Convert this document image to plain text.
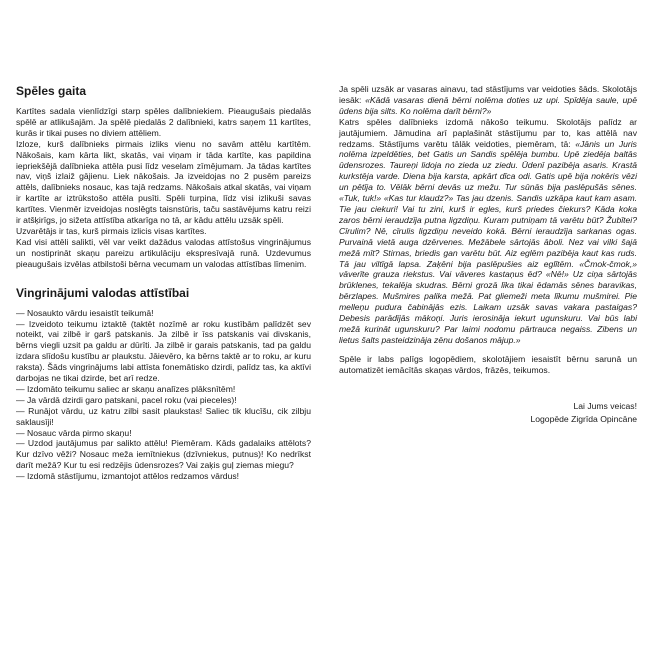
Spēles gaita

Kartītes sadala vienlīdzīgi starp spēles dalībniekiem. Pieaugušais piedalās spēlē ar atlikušajām. Ja spēlē piedalās 2 dalībnieki, katrs saņem 11 kartītes, kurās ir tikai puses no diviem attēliem.

Izloze, kurš dalībnieks pirmais izliks vienu no savām attēlu kartītēm. Nākošais, kam kārta likt, skatās, vai viņam ir tāda kartīte, kas papildina iepriekšējā dalībnieka attēla pusi līdz veselam zīmējumam. Ja tādas kartītes nav, viņš izlaiž gājienu. Liek nākošais. Ja izveidojas no 2 pusēm pareizs attēls, dalībnieks nosauc, kas tajā redzams. Nākošais atkal skatās, vai viņam ir kartīte ar iztrūkstošo attēla pusīti. Spēli turpina, līdz visi izlikuši savas kartītes. Vienmēr izveidojas noslēgts taisnstūris, taču sastāvējums katru reizi ir atšķirīgs, jo sižeta attīstība atkarīga no tā, ar kādu attēlu uzsāk spēli.

Uzvarētājs ir tas, kurš pirmais izlicis visas kartītes.

Kad visi attēli salikti, vēl var veikt dažādus valodas attīstošus vingrinājumus un nostiprināt skaņu pareizu artikulāciju ekspresīvajā runā. Uzdevumus pieaugušais izvēlas atbilstoši bērna vecumam un valodas attīstības līmenim.

Vingrinājumi valodas attīstībai

— Nosaukto vārdu iesaistīt teikumā!

— Izveidoto teikumu iztaktē (taktēt nozīmē ar roku kustībām palīdzēt sev noteikt, vai zilbē ir garš patskanis. Ja zilbē ir īss patskanis vai divskanis, bērns viegli uzsit pa galdu ar dūrīti. Ja zilbē ir garais patskanis, tad pa galdu izdara slīdošu kustību ar plaukstu. Jāievēro, ka bērns taktē ar to roku, ar kuru raksta). Šāds vingrinājums labi attīsta fonemātisko dzirdi, palīdz tas, ka aktīvi darbojas ne tikai dzirde, bet arī redze.

— Izdomāto teikumu saliec ar skaņu analīzes plāksnītēm!

— Ja vārdā dzirdi garo patskani, pacel roku (vai pieceles)!

— Runājot vārdu, uz katru zilbi sasit plaukstas! Saliec tik klucīšu, cik zilbju saklausīji!

— Nosauc vārda pirmo skaņu!

— Uzdod jautājumus par salikto attēlu! Piemēram. Kāds gadalaiks attēlots? Kur dzīvo vēži? Nosauc meža iemītniekus (dzīvniekus, putnus)! Ko nedrīkst darīt mežā? Kur tu esi redzējis ūdensrozes? Vai zaķis guļ ziemas miegu?

— Izdomā stāstījumu, izmantojot attēlos redzamos vārdus!

Ja spēli uzsāk ar vasaras ainavu, tad stāstījums var veidoties šāds. Skolotājs iesāk: «Kādā vasaras dienā bērni nolēma doties uz upi. Spīdēja saule, upē ūdens bija silts. Ko nolēma darīt bērni?»

Katrs spēles dalībnieks izdomā nākošo teikumu. Skolotājs palīdz ar jautājumiem. Jāmudina arī paplašināt stāstījumu par to, kas attēlā nav redzams. Stāstījums varētu tālāk veidoties, piemēram, tā: «Jānis un Juris nolēma izpeldēties, bet Gatis un Sandis spēlēja bumbu. Upē ziedēja baltās ūdensrozes. Taureņi lidoja no zieda uz ziedu. Ūdenī pazibēja asaris. Krastā kurkstēja varde. Diena bija karsta, apkārt dīca odi. Gatis upē bija nokēris vēzi un pētīja to. Vēlāk bērni devās uz mežu. Tur sūnās bija paslēpušās sēnes. «Tuk, tuk!» «Kas tur klaudz?» Tas jau dzenis. Sandis uzkāpa kaut kam asam. Tie jau ciekuri! Vai tu zini, kurš ir egles, kurš priedes čiekurs? Kāda koka zaros bērni ieraudzīja putna ligzdiņu. Kuram putniņam tā varētu būt? Žubītei? Cīrulim? Nē, cīrulis ligzdiņu neveido kokā. Bērni ieraudzīja sarkanas ogas. Purvainā vietā auga dzērvenes. Mežābele sārtojās āboli. Nez vai vilki šajā mežā mīt? Stirnas, briedis gan varētu būt. Aiz eglēm pazibēja kaut kas ruds. Tā jau viltīgā lapsa. Zaķēni bija paslēpušies aiz eglītēm. «Čmok-čmok,» vāverīte grauza riekstus. Vai vāveres kastaņus ēd? «Nē!» Uz ciņa sārtojās brūklenes, tekalēja skudras. Bērni grozā līka tikai ēdamās sēnes baravikas, bērzlapes. Mušmires palika mežā. Pat gliemeži meta līkumu mušmirei. Pie melleņu pudura čabinājās ezis. Laikam uzsāk savas vakara pastaigas? Debesis parādījās mākoņi. Juris ierosināja iekurt ugunskuru. Vai būs labi mežā kurināt ugunskuru? Par laimi nodomu pārtrauca negaiss. Zibens un lietus šalts pasteidzināja zēnu došanos mājup.»

Spēle ir labs palīgs logopēdiem, skolotājiem iesaistīt bērnu sarunā un automatizēt iemācītās skaņas vārdos, frāzēs, teikumos.

Lai Jums veicas!
Logopēde Zigrīda Opincāne
